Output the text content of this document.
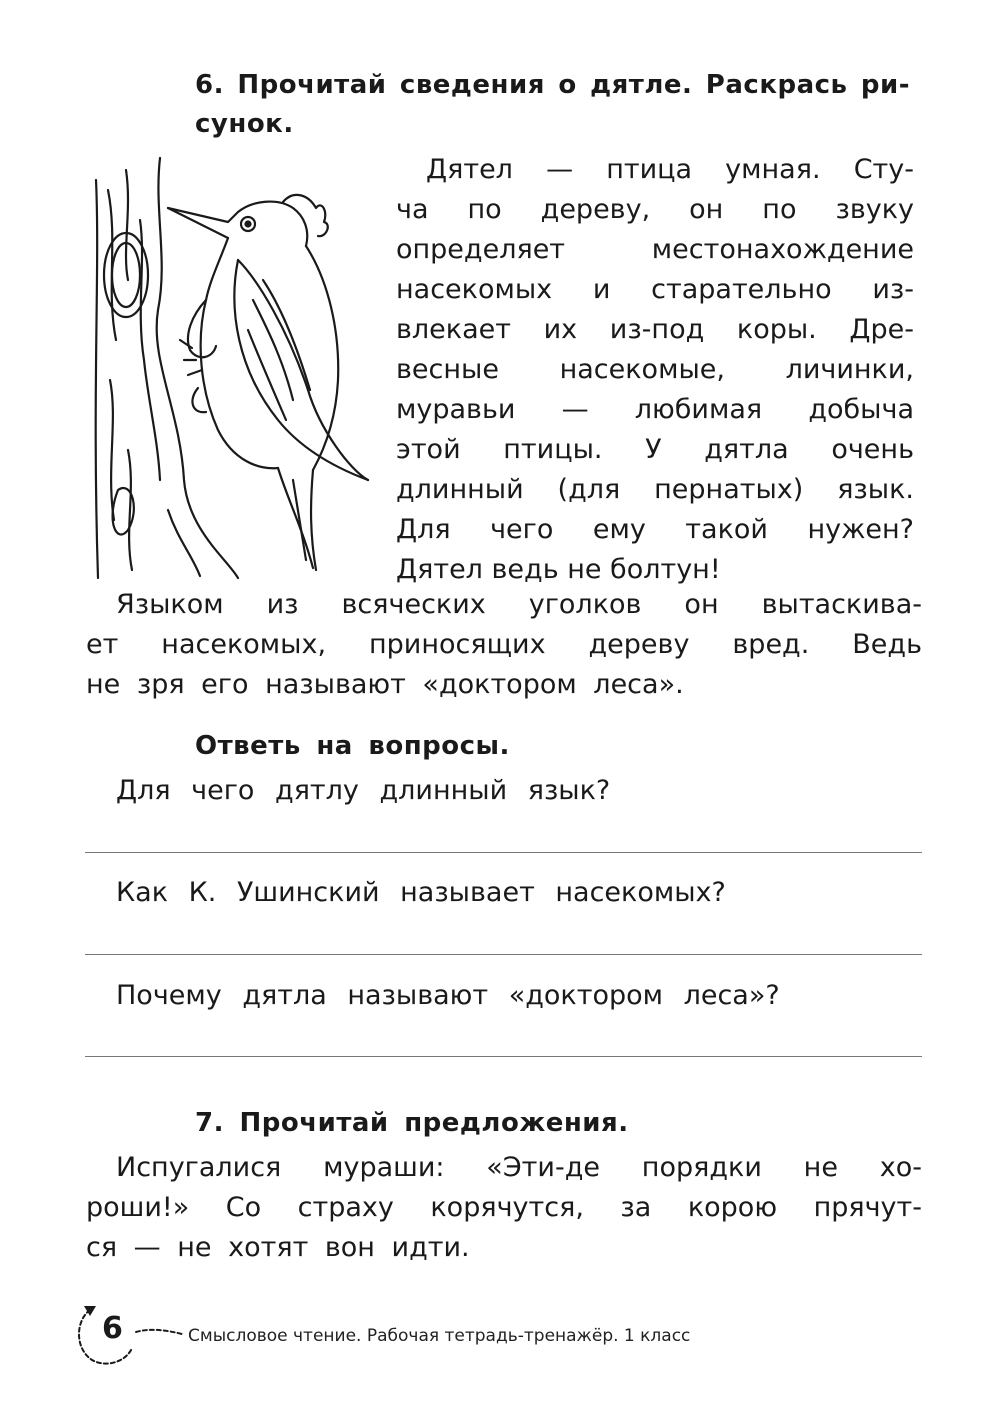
6. Прочитай сведения о дятле. Раскрась ри-
сунок.
Дятел — птица умная. Сту-
ча по дереву, он по звуку
определяет местонахождение
насекомых и старательно из-
влекает их из-под коры. Дре-
весные насекомые, личинки,
муравьи — любимая добыча
этой птицы. У дятла очень
длинный (для пернатых) язык.
Для чего ему такой нужен?
Дятел ведь не болтун!
Языком из всяческих уголков он вытаскива-
ет насекомых, приносящих дереву вред. Ведь
не зря его называют «доктором леса».
Ответь на вопросы.
Для чего дятлу длинный язык?
Как К. Ушинский называет насекомых?
Почему дятла называют «доктором леса»?
7. Прочитай предложения.
Испугалися мураши: «Эти-де порядки не хо-
роши!» Со страху корячутся, за корою прячут-
ся — не хотят вон идти.
6	Смысловое чтение. Рабочая тетрадь-тренажёр. 1 класс
